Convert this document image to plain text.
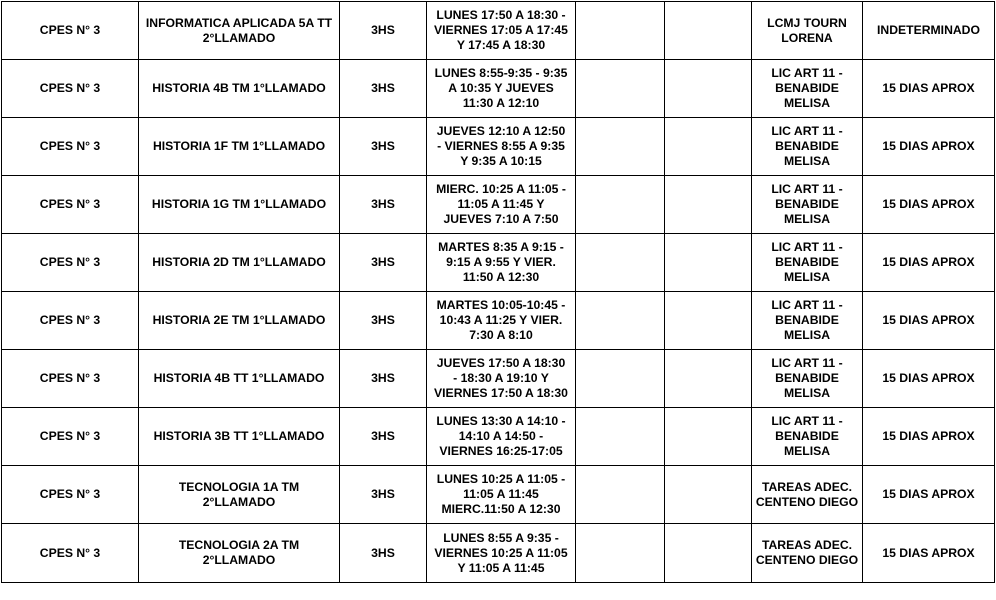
CPES N° 3	INFORMATICA APLICADA 5A TT
2°LLAMADO	3HS	LUNES 17:50 A 18:30 -
VIERNES 17:05 A 17:45
Y 17:45 A 18:30			LCMJ TOURN
LORENA	INDETERMINADO
CPES N° 3	HISTORIA 4B TM 1°LLAMADO	3HS	LUNES 8:55-9:35 - 9:35
A 10:35 Y JUEVES
11:30 A 12:10			LIC ART 11 -
BENABIDE
MELISA	15 DIAS APROX
CPES N° 3	HISTORIA 1F TM 1°LLAMADO	3HS	JUEVES 12:10 A 12:50
- VIERNES 8:55 A 9:35
Y 9:35 A 10:15			LIC ART 11 -
BENABIDE
MELISA	15 DIAS APROX
CPES N° 3	HISTORIA 1G TM 1°LLAMADO	3HS	MIERC. 10:25 A 11:05 -
11:05 A 11:45 Y
JUEVES 7:10 A 7:50			LIC ART 11 -
BENABIDE
MELISA	15 DIAS APROX
CPES N° 3	HISTORIA 2D TM 1°LLAMADO	3HS	MARTES 8:35 A 9:15 -
9:15 A 9:55 Y VIER.
11:50 A 12:30			LIC ART 11 -
BENABIDE
MELISA	15 DIAS APROX
CPES N° 3	HISTORIA 2E TM 1°LLAMADO	3HS	MARTES 10:05-10:45 -
10:43 A 11:25 Y VIER.
7:30 A 8:10			LIC ART 11 -
BENABIDE
MELISA	15 DIAS APROX
CPES N° 3	HISTORIA 4B TT 1°LLAMADO	3HS	JUEVES 17:50 A 18:30
- 18:30 A 19:10 Y
VIERNES 17:50 A 18:30			LIC ART 11 -
BENABIDE
MELISA	15 DIAS APROX
CPES N° 3	HISTORIA 3B TT 1°LLAMADO	3HS	LUNES 13:30 A 14:10 -
14:10 A 14:50 -
VIERNES 16:25-17:05			LIC ART 11 -
BENABIDE
MELISA	15 DIAS APROX
CPES N° 3	TECNOLOGIA 1A TM
2°LLAMADO	3HS	LUNES 10:25 A 11:05 -
11:05 A 11:45
MIERC.11:50 A 12:30			TAREAS ADEC.
CENTENO DIEGO	15 DIAS APROX
CPES N° 3	TECNOLOGIA 2A TM
2°LLAMADO	3HS	LUNES 8:55 A 9:35 -
VIERNES 10:25 A 11:05
Y 11:05 A 11:45			TAREAS ADEC.
CENTENO DIEGO	15 DIAS APROX
